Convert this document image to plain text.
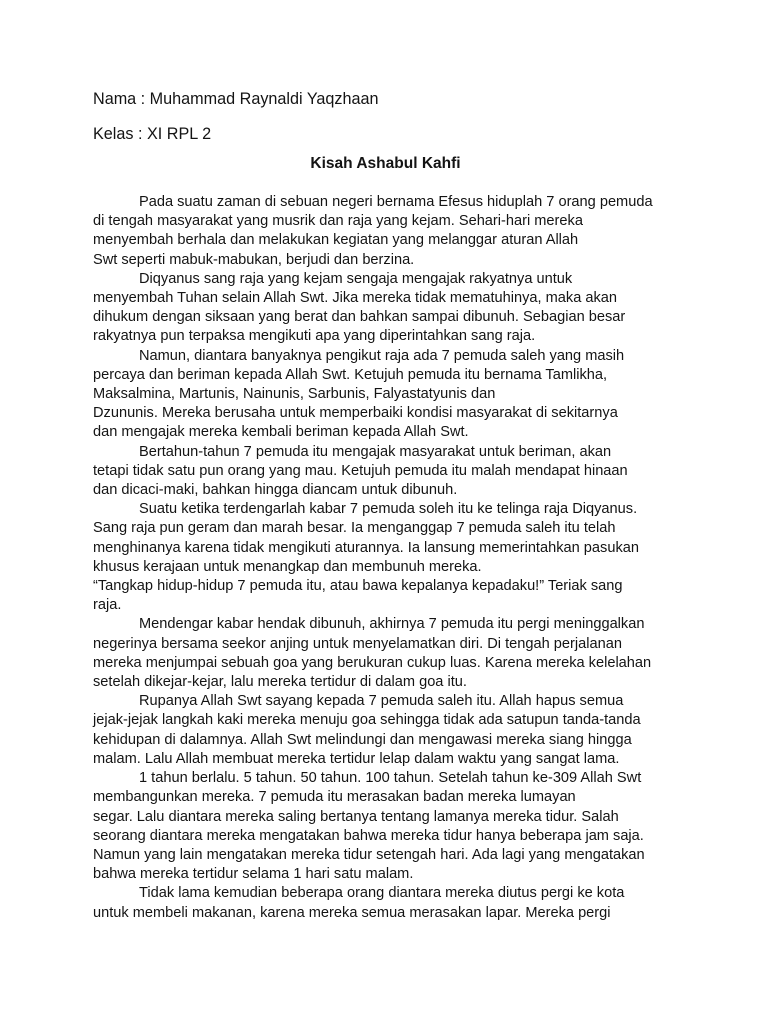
Nama : Muhammad Raynaldi Yaqzhaan

Kelas : XI RPL 2

Kisah Ashabul Kahfi

Pada suatu zaman di sebuan negeri bernama Efesus hiduplah 7 orang pemuda
di tengah masyarakat yang musrik dan raja yang kejam. Sehari-hari mereka
menyembah berhala dan melakukan kegiatan yang melanggar aturan Allah
Swt seperti mabuk-mabukan, berjudi dan berzina.

Diqyanus sang raja yang kejam sengaja mengajak rakyatnya untuk
menyembah Tuhan selain Allah Swt. Jika mereka tidak mematuhinya, maka akan
dihukum dengan siksaan yang berat dan bahkan sampai dibunuh. Sebagian besar
rakyatnya pun terpaksa mengikuti apa yang diperintahkan sang raja.

Namun, diantara banyaknya pengikut raja ada 7 pemuda saleh yang masih
percaya dan beriman kepada Allah Swt. Ketujuh pemuda itu bernama Tamlikha,
Maksalmina, Martunis, Nainunis, Sarbunis, Falyastatyunis dan
Dzununis. Mereka berusaha untuk memperbaiki kondisi masyarakat di sekitarnya
dan mengajak mereka kembali beriman kepada Allah Swt.

Bertahun-tahun 7 pemuda itu mengajak masyarakat untuk beriman, akan
tetapi tidak satu pun orang yang mau. Ketujuh pemuda itu malah mendapat hinaan
dan dicaci-maki, bahkan hingga diancam untuk dibunuh.

Suatu ketika terdengarlah kabar 7 pemuda soleh itu ke telinga raja Diqyanus.
Sang raja pun geram dan marah besar. Ia menganggap 7 pemuda saleh itu telah
menghinanya karena tidak mengikuti aturannya. Ia lansung memerintahkan pasukan
khusus kerajaan untuk menangkap dan membunuh mereka.
“Tangkap hidup-hidup 7 pemuda itu, atau bawa kepalanya kepadaku!” Teriak sang
raja.

Mendengar kabar hendak dibunuh, akhirnya 7 pemuda itu pergi meninggalkan
negerinya bersama seekor anjing untuk menyelamatkan diri. Di tengah perjalanan
mereka menjumpai sebuah goa yang berukuran cukup luas. Karena mereka kelelahan
setelah dikejar-kejar, lalu mereka tertidur di dalam goa itu.

Rupanya Allah Swt sayang kepada 7 pemuda saleh itu. Allah hapus semua
jejak-jejak langkah kaki mereka menuju goa sehingga tidak ada satupun tanda-tanda
kehidupan di dalamnya. Allah Swt melindungi dan mengawasi mereka siang hingga
malam. Lalu Allah membuat mereka tertidur lelap dalam waktu yang sangat lama.

1 tahun berlalu. 5 tahun. 50 tahun. 100 tahun. Setelah tahun ke-309 Allah Swt
membangunkan mereka. 7 pemuda itu merasakan badan mereka lumayan
segar. Lalu diantara mereka saling bertanya tentang lamanya mereka tidur. Salah
seorang diantara mereka mengatakan bahwa mereka tidur hanya beberapa jam saja.
Namun yang lain mengatakan mereka tidur setengah hari. Ada lagi yang mengatakan
bahwa mereka tertidur selama 1 hari satu malam.

Tidak lama kemudian beberapa orang diantara mereka diutus pergi ke kota
untuk membeli makanan, karena mereka semua merasakan lapar. Mereka pergi
